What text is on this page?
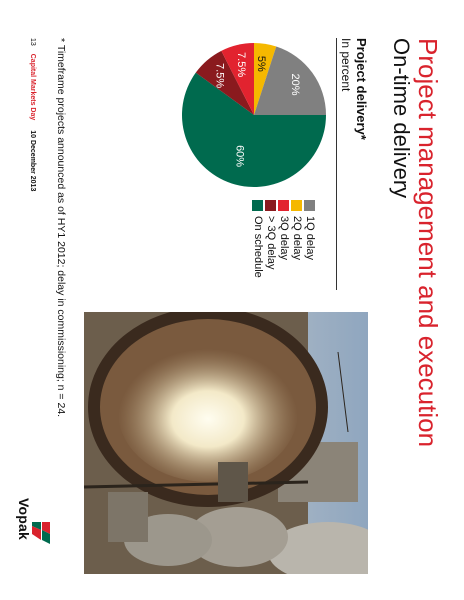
Project management and execution
On-time delivery
Project delivery*
In percent
60%
7.5% 7.5% 5%
20%
1Q delay
2Q delay
3Q delay
> 3Q delay
On schedule
* Timeframe projects announced as of HY1 2012; delay in commissioning; n = 24.
13 Capital Markets Day 10 December 2013
Vopak
